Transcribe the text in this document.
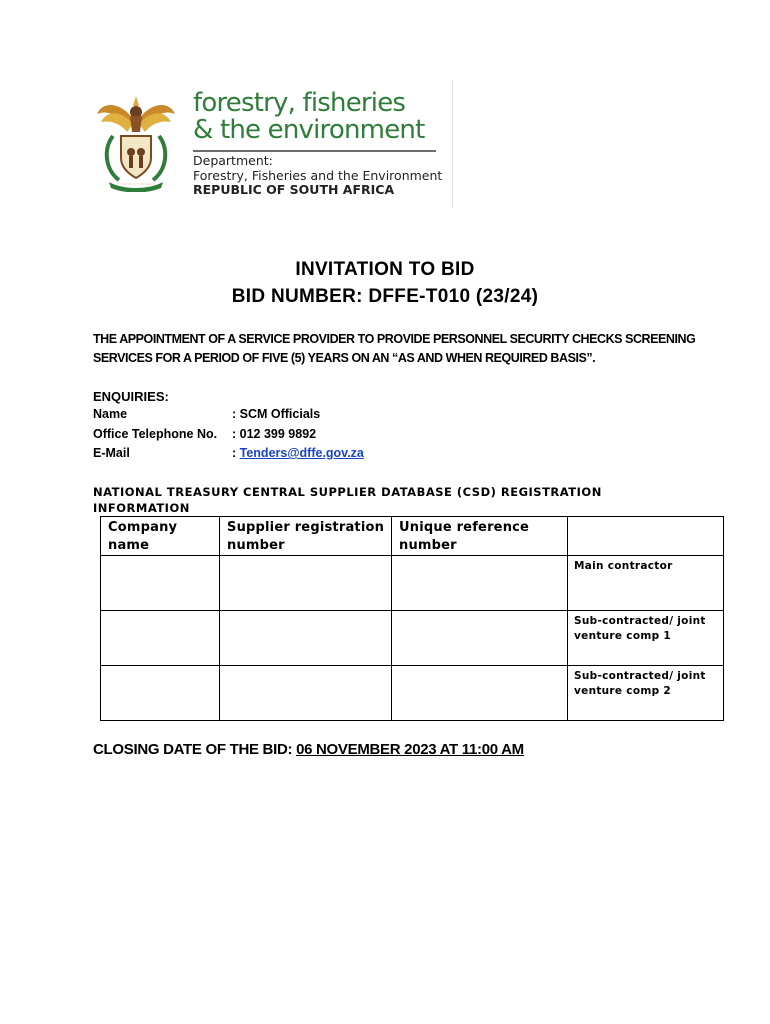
forestry, fisheries
& the environment
Department:
Forestry, Fisheries and the Environment
REPUBLIC OF SOUTH AFRICA
INVITATION TO BID
BID NUMBER: DFFE-T010 (23/24)
THE APPOINTMENT OF A SERVICE PROVIDER TO PROVIDE PERSONNEL SECURITY CHECKS SCREENING SERVICES FOR A PERIOD OF FIVE (5) YEARS ON AN “AS AND WHEN REQUIRED BASIS”.
ENQUIRIES:
Name	: SCM Officials
Office Telephone No. : 012 399 9892
E-Mail	: Tenders@dffe.gov.za
NATIONAL TREASURY CENTRAL SUPPLIER DATABASE (CSD) REGISTRATION INFORMATION
Company name	Supplier registration number	Unique reference number	

			Main contractor

			Sub-contracted/ joint venture comp 1

			Sub-contracted/ joint venture comp 2
CLOSING DATE OF THE BID: 06 NOVEMBER 2023 AT 11:00 AM
